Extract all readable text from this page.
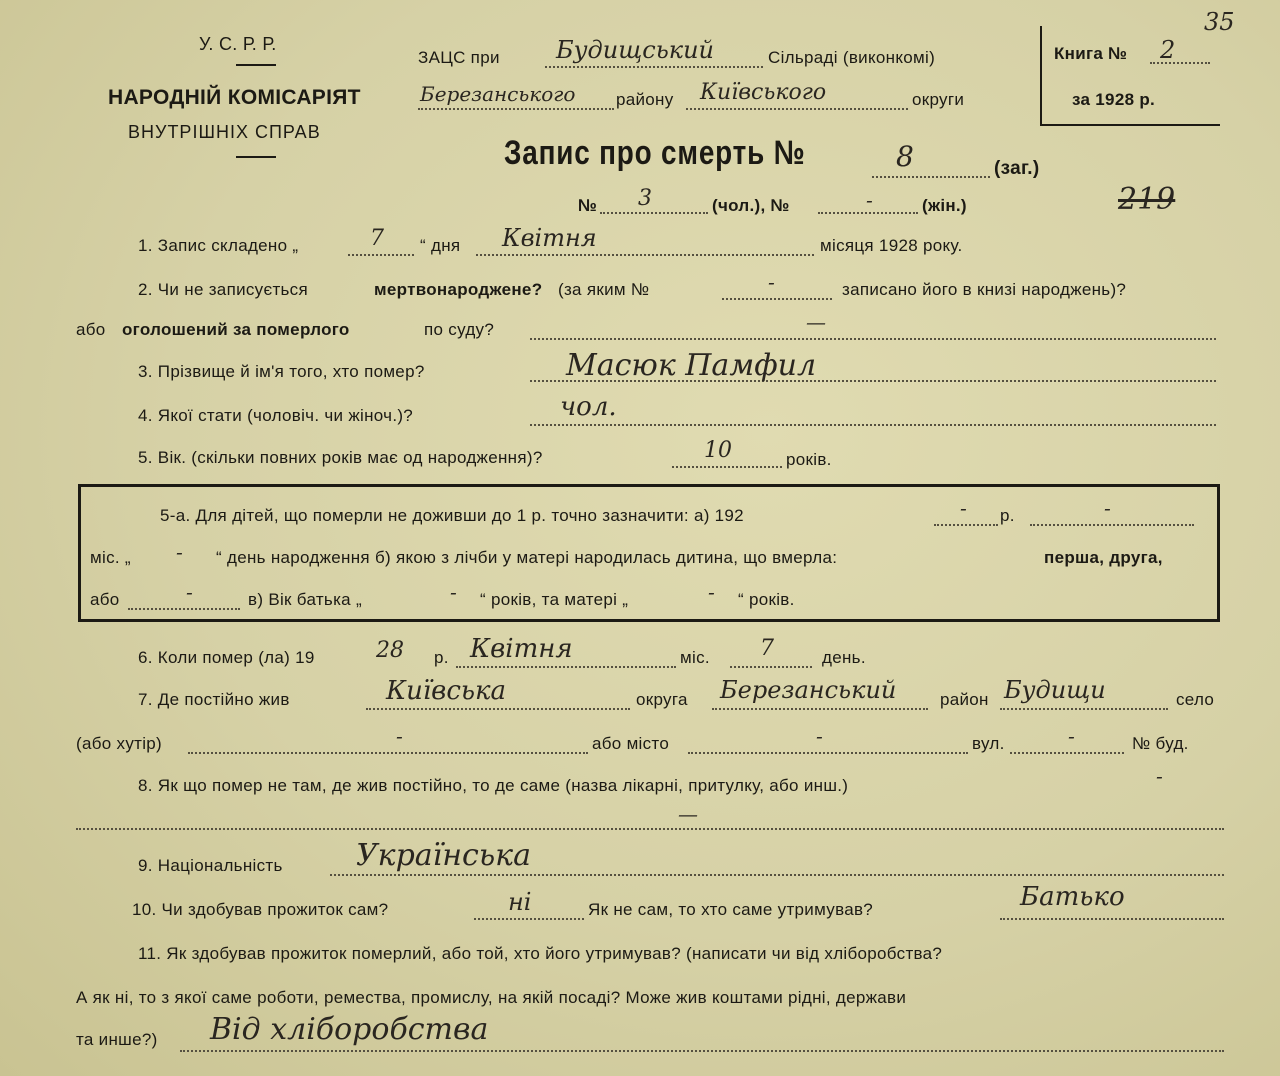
У. С. Р. Р.
НАРОДНІЙ КОМІСАРІЯТ
ВНУТРІШНІХ СПРАВ
ЗАЦС при Будищський	Сільраді (виконкомі)
Березанського району Київського	округи
Книга № 2
35
за 1928 р.
Запис про смерть №	8	(заг.)
№ 3	(чол.), №	-	(жін.)	219
1. Запис складено „	7 “ дня Квітня	місяця 1928 року.
2. Чи не записується	мертвонароджене? (за яким №	-	записано його в книзі народжень)?
або оголошений за померлого	по суду?	—
3. Прізвище й ім'я того, хто помер?	Масюк Памфил
4. Якої стати (чоловіч. чи жіноч.)?	чол.
5. Вік. (скільки повних років має од народження)?	10	років.
5-а. Для дітей, що померли не доживши до 1 р. точно зазначити: а) 192	- р.	-
міс. „ - “ день народження б) якою з лічби у матері народилась дитина, що вмерла:	перша, друга,
або	-	в) Вік батька „	- “ років, та матері „	- “ років.
6. Коли помер (ла) 19	28 р. Квітня	міс. 7	день.
7. Де постійно жив	Київська	округа Березанський	район Будищи	село
(або хутір)	-	або місто	-	вул.	-	№ буд.
8. Як що помер не там, де жив постійно, то де саме (назва лікарні, притулку, або инш.)	-
—
9. Національність Українська
10. Чи здобував прожиток сам?	ні	Як не сам, то хто саме утримував?	Батько
11. Як здобував прожиток померлий, або той, хто його утримував? (написати чи від хліборобства?
А як ні, то з якої саме роботи, ремества, промислу, на якій посаді? Може жив коштами рідні, держави
та инше?) Від хліборобства
